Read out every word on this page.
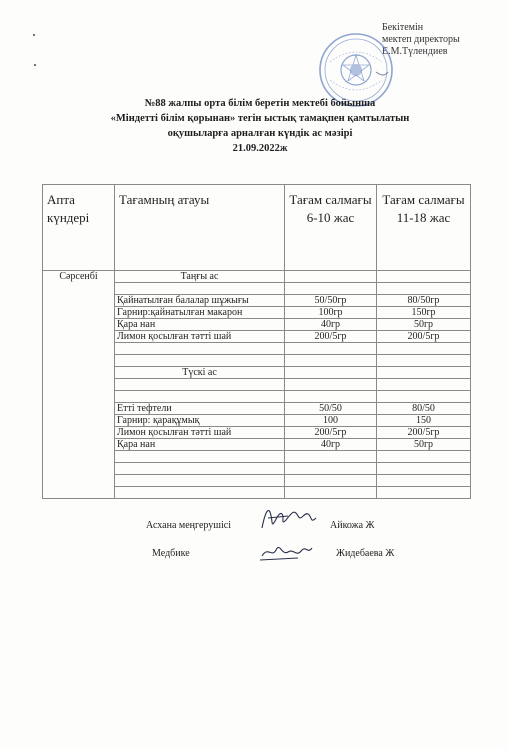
Бекітемін
мектеп директоры
Е.М.Түлендиев
№88 жалпы орта білім беретін мектебі бойынша
«Міндетті білім қорынан» тегін ыстық тамақпен қамтылатын
оқушыларға арналған күндік ас мәзірі
21.09.2022ж
Апта күндері	Тағамның атауы	Тағам салмағы 6-10 жас	Тағам салмағы 11-18 жас
Сәрсенбі	Таңғы ас		

	Қайнатылған балалар шұжығы	50/50гр	80/50гр
	Гарнир:қайнатылған макарон	100гр	150гр
	Қара нан	40гр	50гр
	Лимон қосылған тәтті шай	200/5гр	200/5гр

	Түскі ас		

	Етті тефтели	50/50	80/50
	Гарнир: қарақұмық	100	150
	Лимон қосылған тәтті шай	200/5гр	200/5гр
	Қара нан	40гр	50гр

Асхана меңгерушісі	Айкожа Ж
Медбике	Жидебаева Ж
